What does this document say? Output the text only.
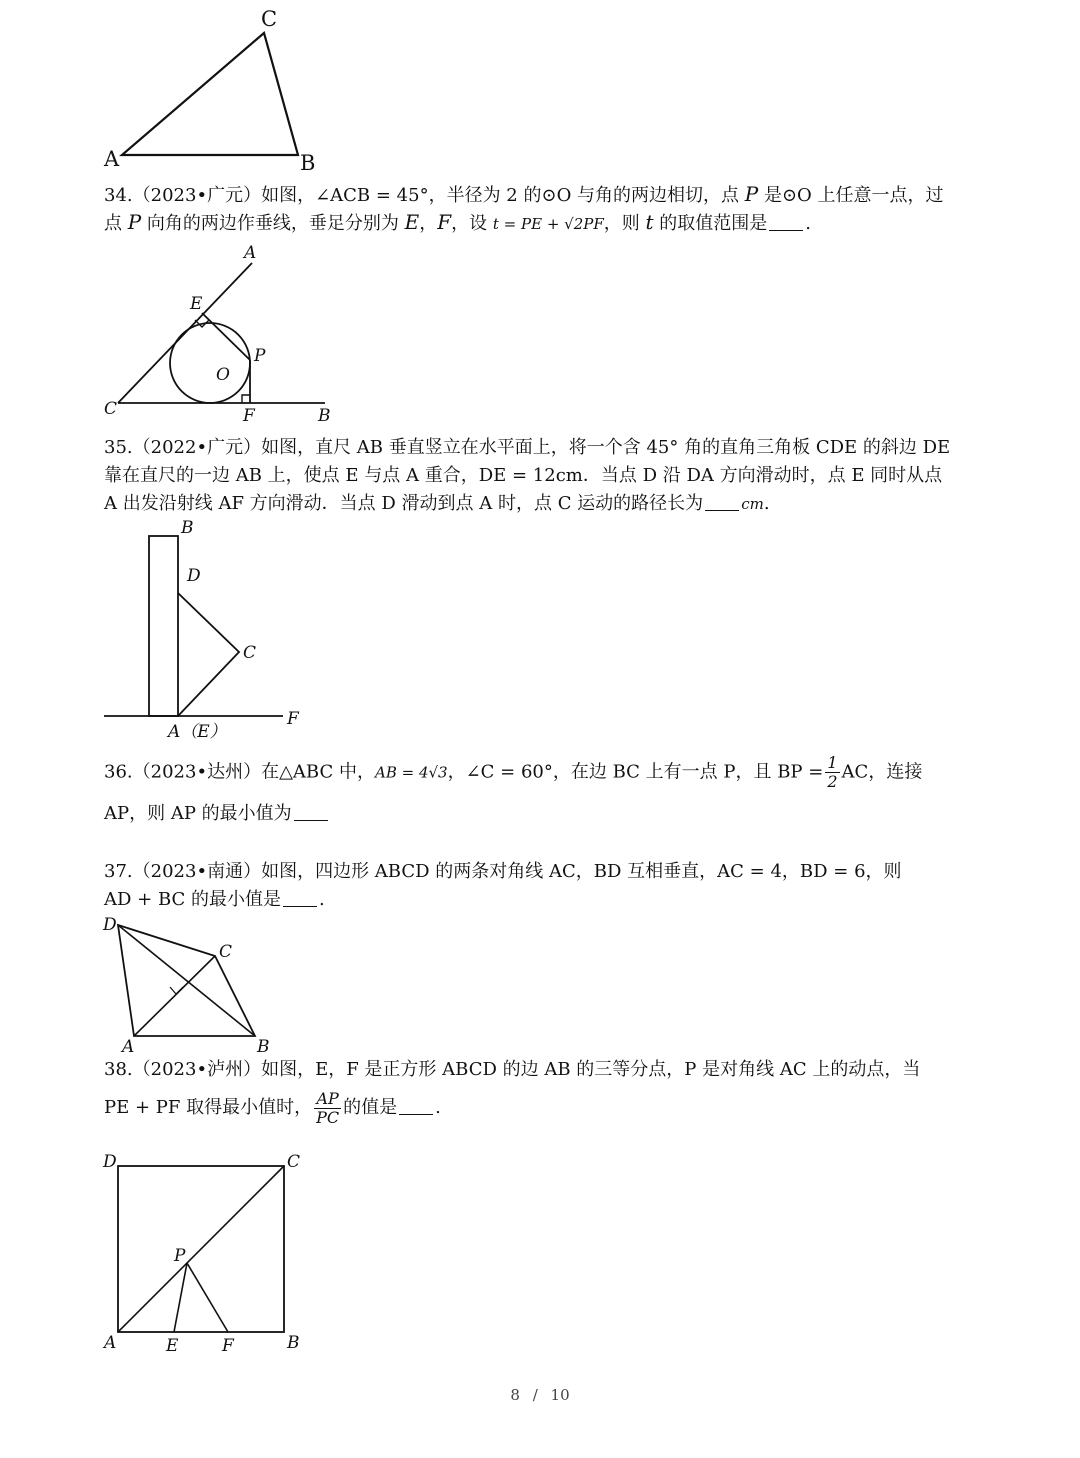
A
C
B
34.（2023•广元）如图，∠ACB = 45°，半径为 2 的⊙O 与角的两边相切，点 P 是⊙O 上任意一点，过
点 P 向角的两边作垂线，垂足分别为 E，F，设 t = PE + √2PF，则 t 的取值范围是 .
A
E
P
O
C	F	B
35.（2022•广元）如图，直尺 AB 垂直竖立在水平面上，将一个含 45° 角的直角三角板 CDE 的斜边 DE
靠在直尺的一边 AB 上，使点 E 与点 A 重合，DE = 12cm．当点 D 沿 DA 方向滑动时，点 E 同时从点
A 出发沿射线 AF 方向滑动．当点 D 滑动到点 A 时，点 C 运动的路径长为	cm.
B
D
C
F
A（E）
36.（2023•达州）在△ABC 中，AB = 4√3，∠C = 60°，在边 BC 上有一点 P，且 BP = $\frac{1}{2}$ AC，连接
AP，则 AP 的最小值为
37.（2023•南通）如图，四边形 ABCD 的两条对角线 AC，BD 互相垂直，AC = 4，BD = 6，则
AD + BC 的最小值是 .
D
C
A	B
38.（2023•泸州）如图，E，F 是正方形 ABCD 的边 AB 的三等分点，P 是对角线 AC 上的动点，当
PE + PF 取得最小值时， $\frac{AP}{PC}$ 的值是 .
D	C
P
A	E	F	B
8 / 10
